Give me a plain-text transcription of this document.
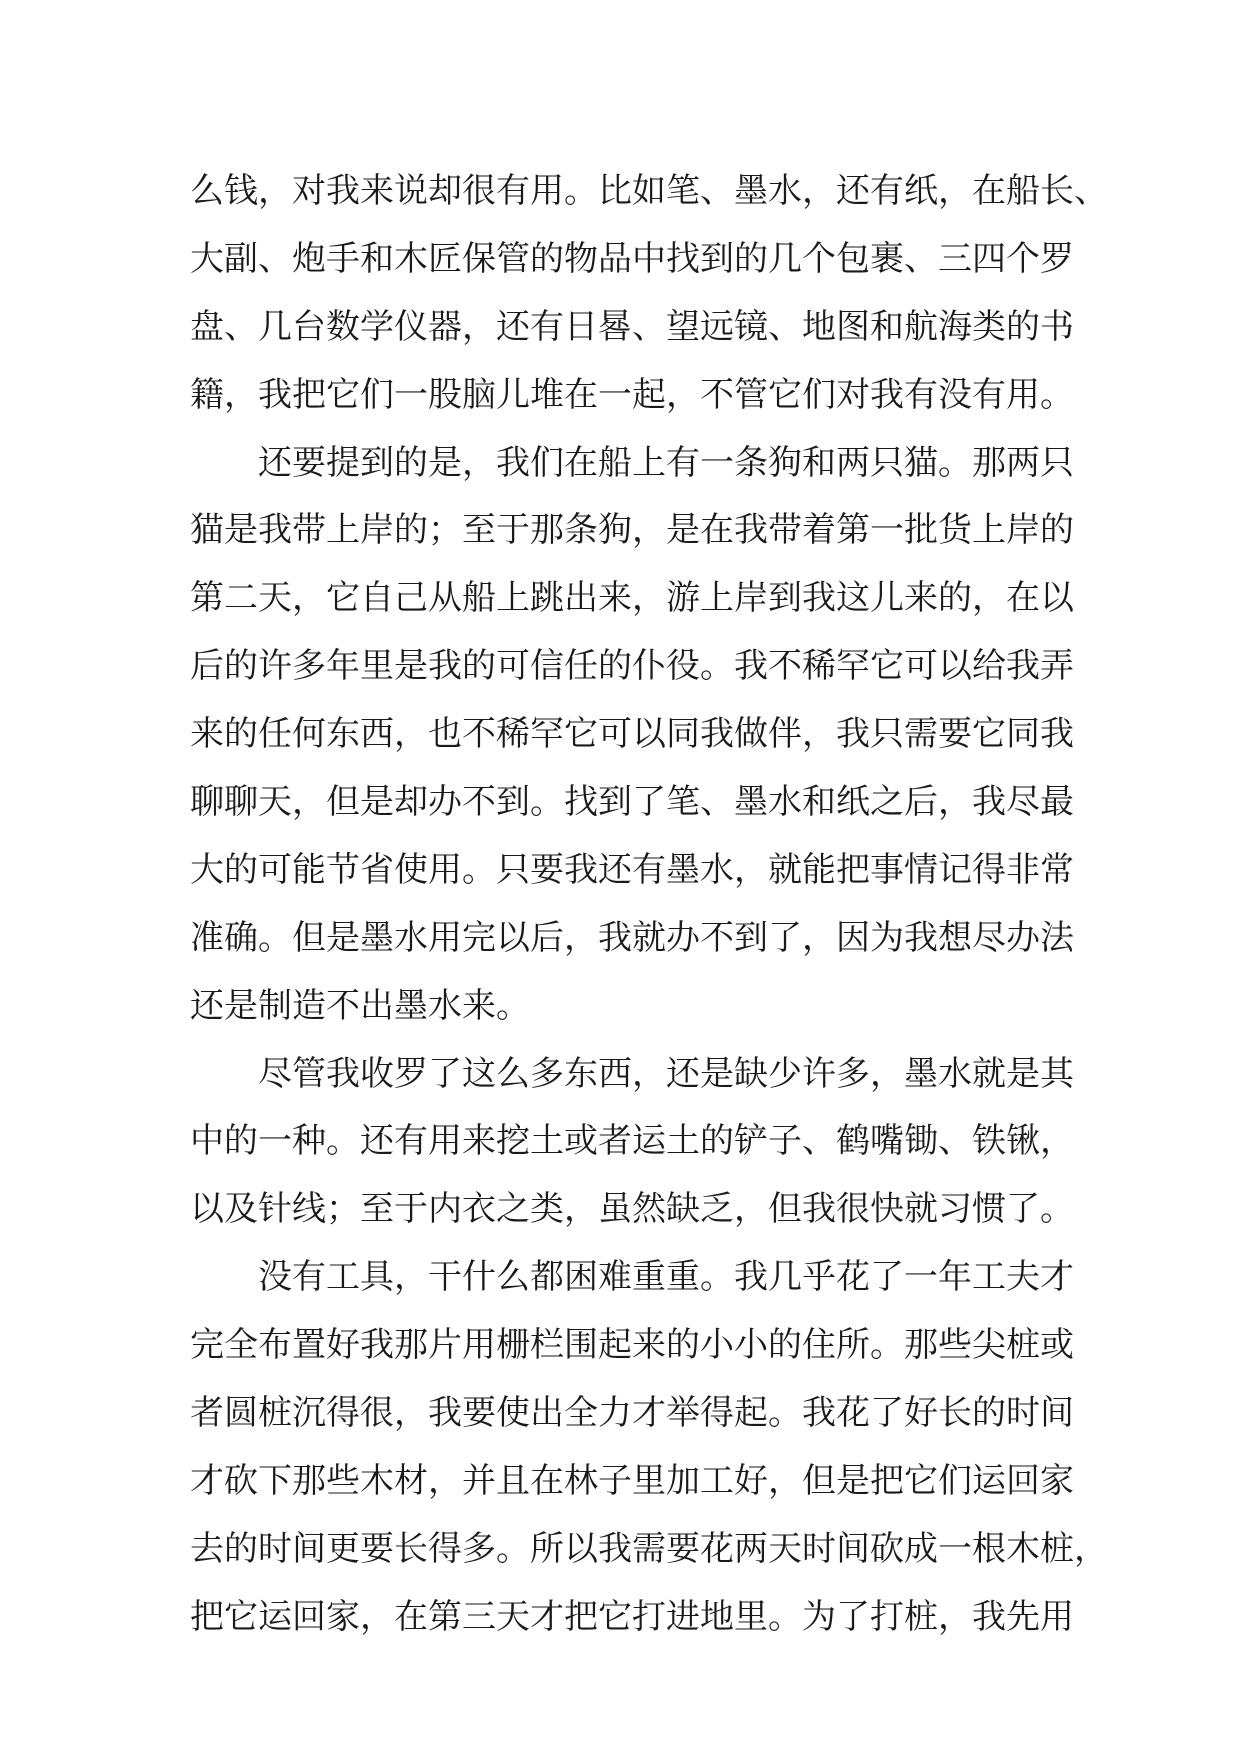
么钱，对我来说却很有用。比如笔、墨水，还有纸，在船长、
大副、炮手和木匠保管的物品中找到的几个包裹、三四个罗
盘、几台数学仪器，还有日晷、望远镜、地图和航海类的书
籍，我把它们一股脑儿堆在一起，不管它们对我有没有用。
还要提到的是，我们在船上有一条狗和两只猫。那两只
猫是我带上岸的；至于那条狗，是在我带着第一批货上岸的
第二天，它自己从船上跳出来，游上岸到我这儿来的，在以
后的许多年里是我的可信任的仆役。我不稀罕它可以给我弄
来的任何东西，也不稀罕它可以同我做伴，我只需要它同我
聊聊天，但是却办不到。找到了笔、墨水和纸之后，我尽最
大的可能节省使用。只要我还有墨水，就能把事情记得非常
准确。但是墨水用完以后，我就办不到了，因为我想尽办法
还是制造不出墨水来。
尽管我收罗了这么多东西，还是缺少许多，墨水就是其
中的一种。还有用来挖土或者运土的铲子、鹤嘴锄、铁锹，
以及针线；至于内衣之类，虽然缺乏，但我很快就习惯了。
没有工具，干什么都困难重重。我几乎花了一年工夫才
完全布置好我那片用栅栏围起来的小小的住所。那些尖桩或
者圆桩沉得很，我要使出全力才举得起。我花了好长的时间
才砍下那些木材，并且在林子里加工好，但是把它们运回家
去的时间更要长得多。所以我需要花两天时间砍成一根木桩，
把它运回家，在第三天才把它打进地里。为了打桩，我先用
